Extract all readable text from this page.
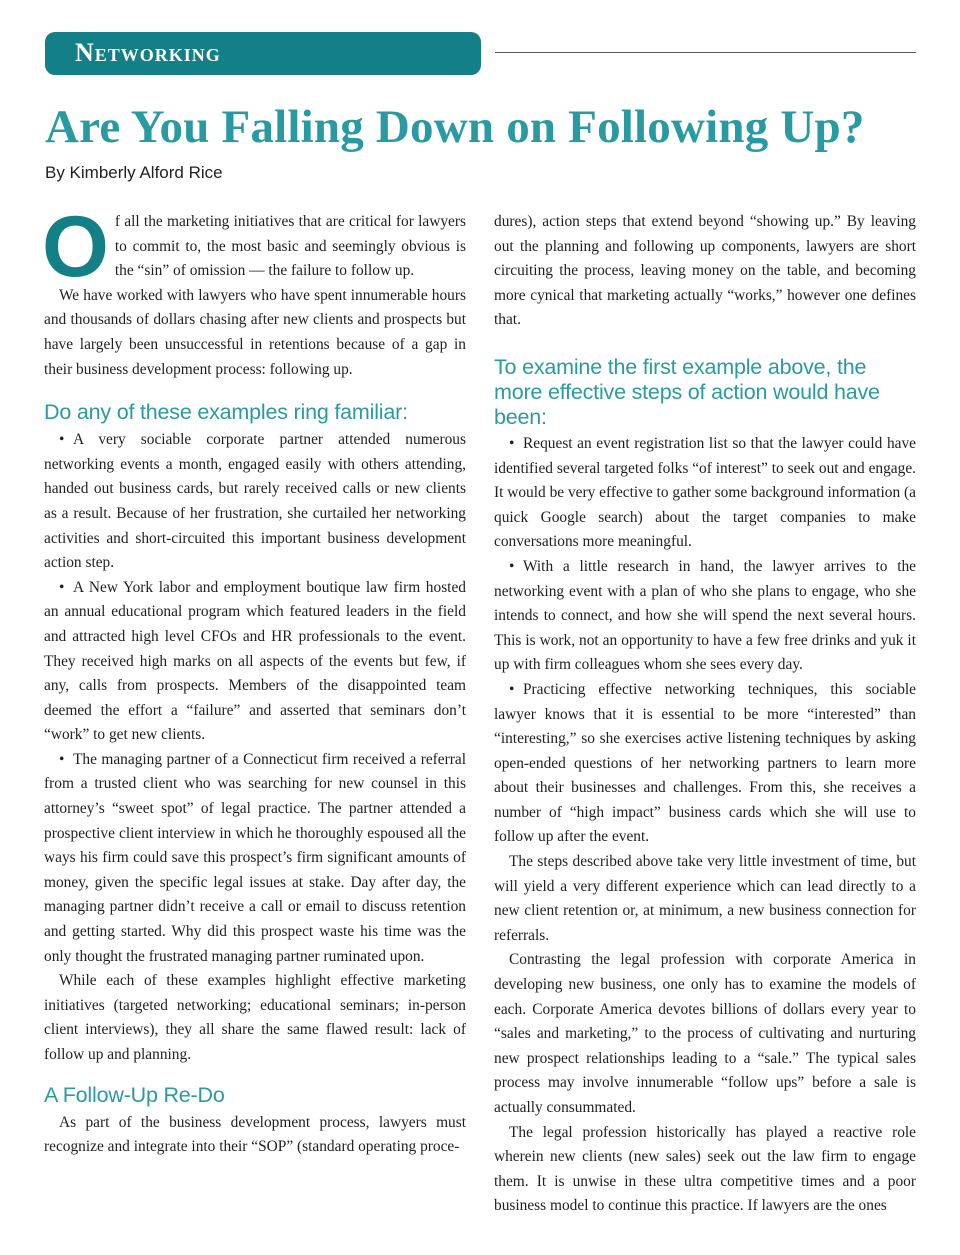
Networking
Are You Falling Down on Following Up?
By Kimberly Alford Rice

Of all the marketing initiatives that are critical for lawyers to commit to, the most basic and seemingly obvious is the “sin” of omission — the failure to follow up.

We have worked with lawyers who have spent innumerable hours and thousands of dollars chasing after new clients and prospects but have largely been unsuccessful in retentions because of a gap in their business development process: following up.

Do any of these examples ring familiar:

• A very sociable corporate partner attended numerous networking events a month, engaged easily with others attending, handed out business cards, but rarely received calls or new clients as a result. Because of her frustration, she curtailed her networking activities and short-circuited this important business development action step.

• A New York labor and employment boutique law firm hosted an annual educational program which featured leaders in the field and attracted high level CFOs and HR professionals to the event. They received high marks on all aspects of the events but few, if any, calls from prospects. Members of the disappointed team deemed the effort a “failure” and asserted that seminars don’t “work” to get new clients.

• The managing partner of a Connecticut firm received a referral from a trusted client who was searching for new counsel in this attorney’s “sweet spot” of legal practice. The partner attended a prospective client interview in which he thoroughly espoused all the ways his firm could save this prospect’s firm significant amounts of money, given the specific legal issues at stake. Day after day, the managing partner didn’t receive a call or email to discuss retention and getting started. Why did this prospect waste his time was the only thought the frustrated managing partner ruminated upon.

While each of these examples highlight effective marketing initiatives (targeted networking; educational seminars; in-person client interviews), they all share the same flawed result: lack of follow up and planning.

A Follow-Up Re-Do

As part of the business development process, lawyers must recognize and integrate into their “SOP” (standard operating proce-

dures), action steps that extend beyond “showing up.” By leaving out the planning and following up components, lawyers are short circuiting the process, leaving money on the table, and becoming more cynical that marketing actually “works,” however one defines that.

To examine the first example above, the more effective steps of action would have been:

• Request an event registration list so that the lawyer could have identified several targeted folks “of interest” to seek out and engage. It would be very effective to gather some background information (a quick Google search) about the target companies to make conversations more meaningful.

• With a little research in hand, the lawyer arrives to the networking event with a plan of who she plans to engage, who she intends to connect, and how she will spend the next several hours. This is work, not an opportunity to have a few free drinks and yuk it up with firm colleagues whom she sees every day.

• Practicing effective networking techniques, this sociable lawyer knows that it is essential to be more “interested” than “interesting,” so she exercises active listening techniques by asking open-ended questions of her networking partners to learn more about their businesses and challenges. From this, she receives a number of “high impact” business cards which she will use to follow up after the event.

The steps described above take very little investment of time, but will yield a very different experience which can lead directly to a new client retention or, at minimum, a new business connection for referrals.

Contrasting the legal profession with corporate America in developing new business, one only has to examine the models of each. Corporate America devotes billions of dollars every year to “sales and marketing,” to the process of cultivating and nurturing new prospect relationships leading to a “sale.” The typical sales process may involve innumerable “follow ups” before a sale is actually consummated.

The legal profession historically has played a reactive role wherein new clients (new sales) seek out the law firm to engage them. It is unwise in these ultra competitive times and a poor business model to continue this practice. If lawyers are the ones
